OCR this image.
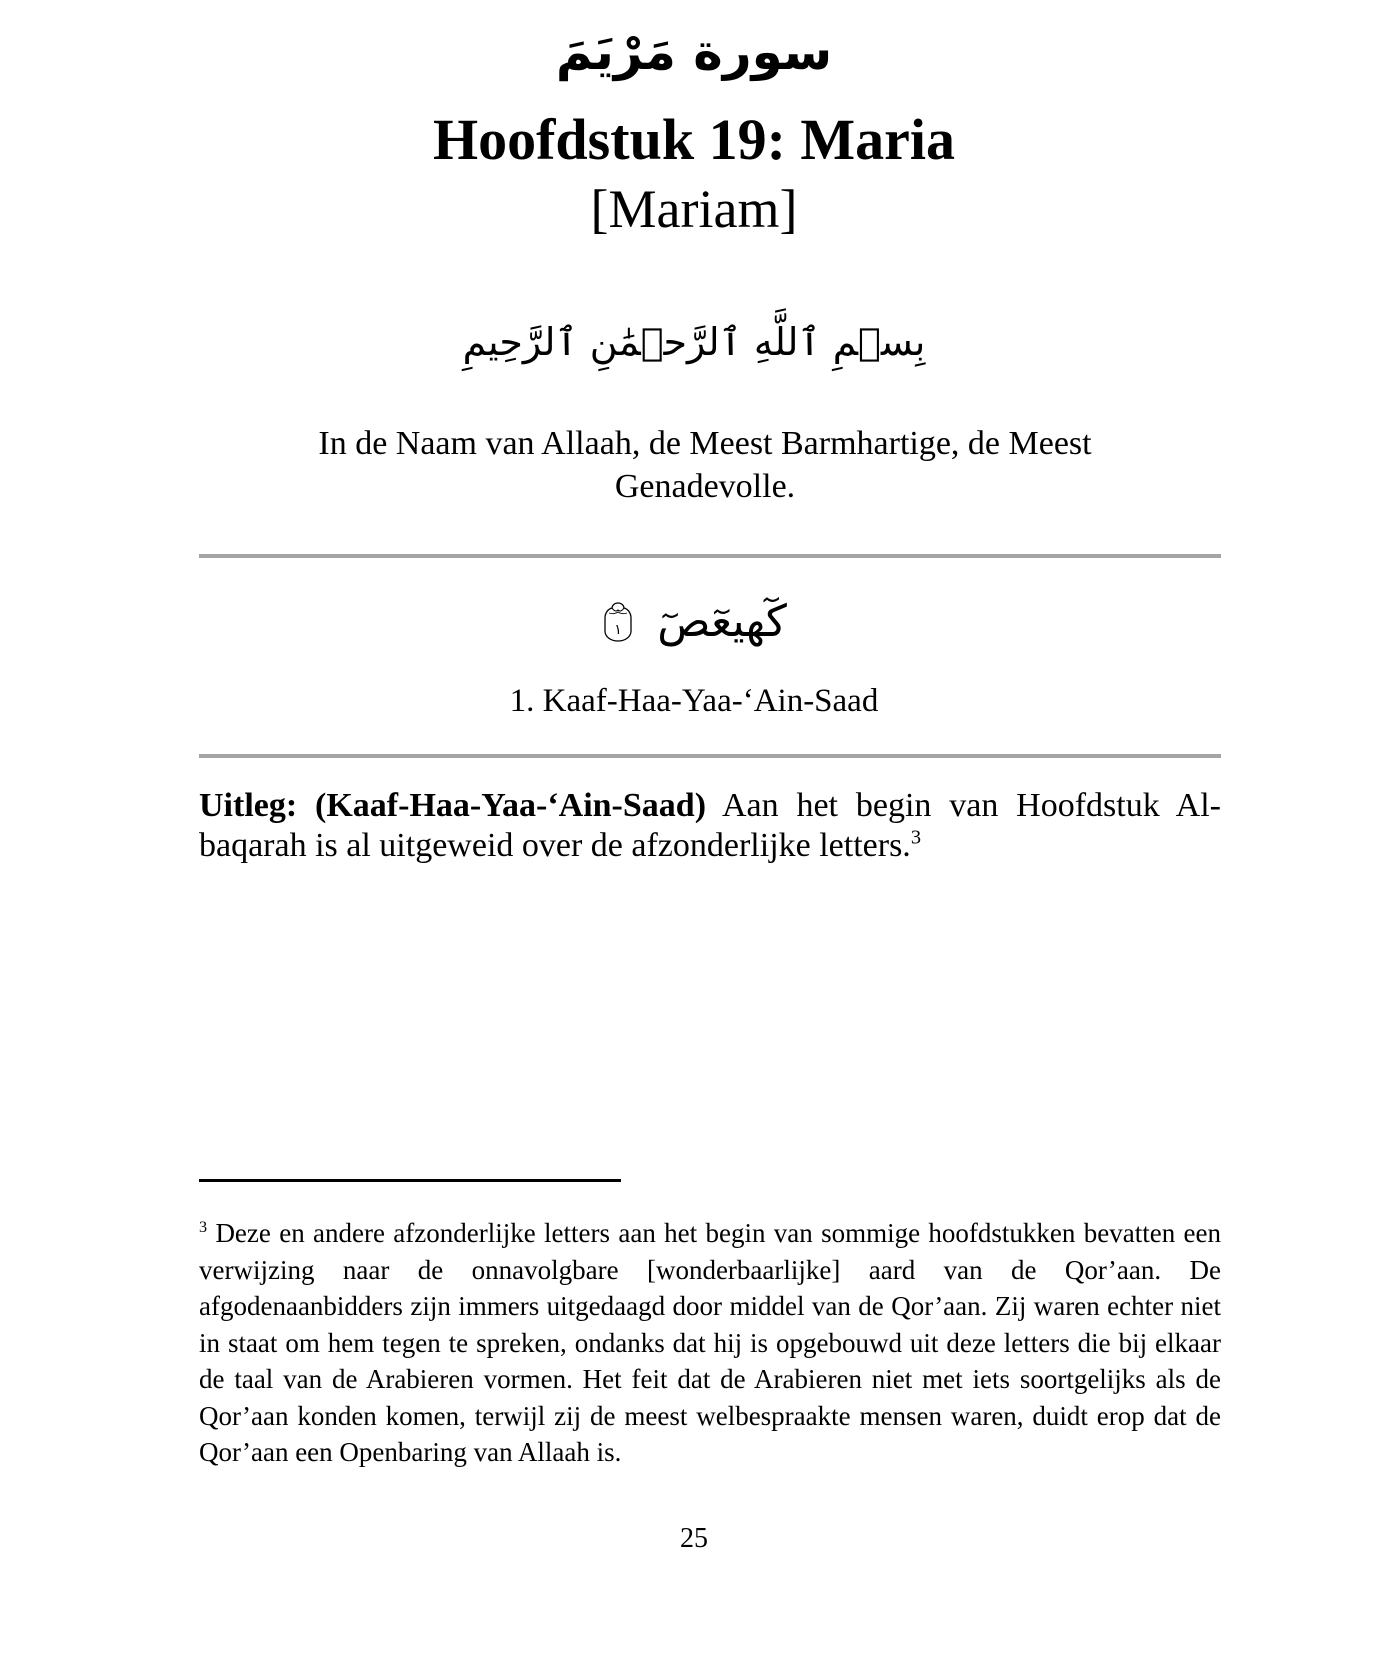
سورة مَرْيَمَ
Hoofdstuk 19: Maria
[Mariam]
بِسۡمِ ٱللَّهِ ٱلرَّحۡمَٰنِ ٱلرَّحِيمِ
In de Naam van Allaah, de Meest Barmhartige, de Meest Genadevolle.
كٓهيعٓصٓ
١
1. Kaaf-Haa-Yaa-‘Ain-Saad
Uitleg: (Kaaf-Haa-Yaa-‘Ain-Saad) Aan het begin van Hoofdstuk Al-baqarah is al uitgeweid over de afzonderlijke letters.$^3$
$^3$ Deze en andere afzonderlijke letters aan het begin van sommige hoofdstukken bevatten een verwijzing naar de onnavolgbare [wonderbaarlijke] aard van de Qor’aan. De afgodenaanbidders zijn immers uitgedaagd door middel van de Qor’aan. Zij waren echter niet in staat om hem tegen te spreken, ondanks dat hij is opgebouwd uit deze letters die bij elkaar de taal van de Arabieren vormen. Het feit dat de Arabieren niet met iets soortgelijks als de Qor’aan konden komen, terwijl zij de meest welbespraakte mensen waren, duidt erop dat de Qor’aan een Openbaring van Allaah is.
25
